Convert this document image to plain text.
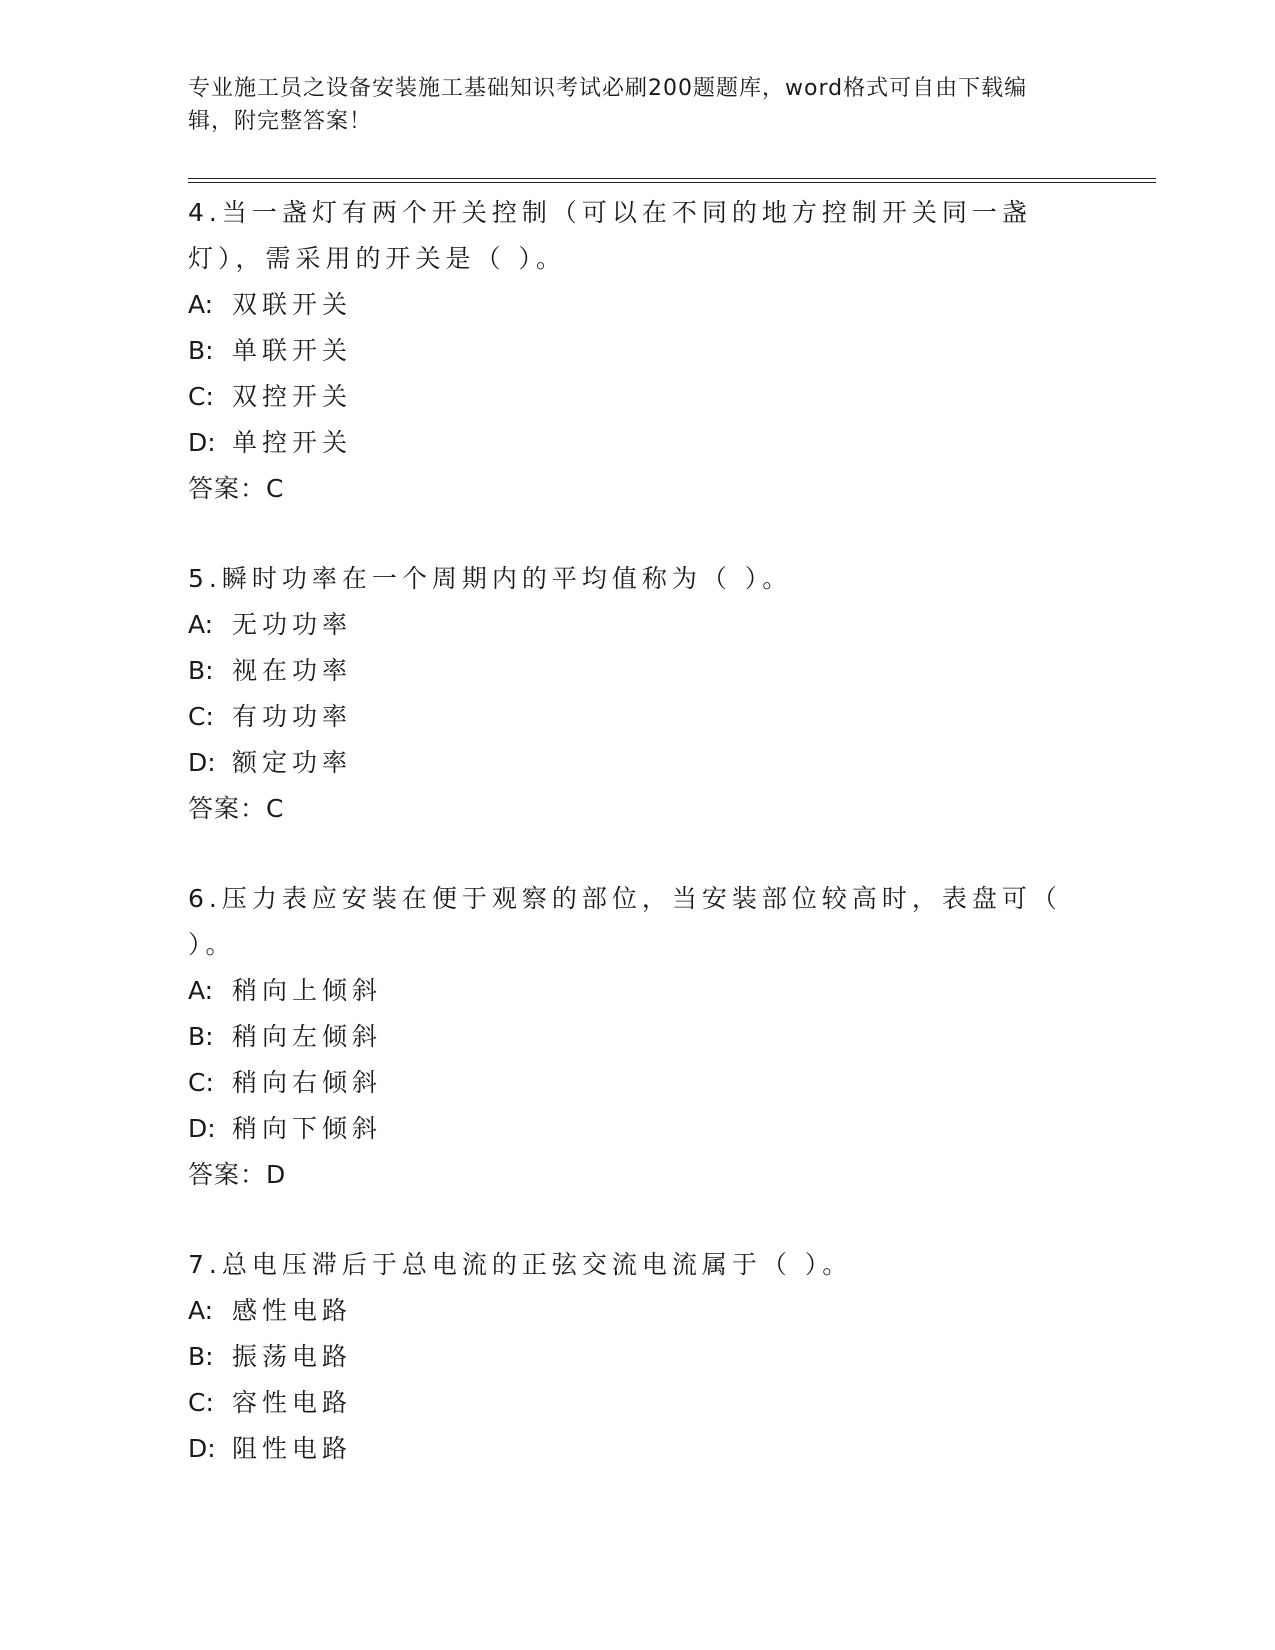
专业施工员之设备安装施工基础知识考试必刷200题题库，word格式可自由下载编辑，附完整答案！

4.当一盏灯有两个开关控制（可以在不同的地方控制开关同一盏灯），需采用的开关是（ ）。

A: 双联开关

B: 单联开关

C: 双控开关

D: 单控开关

答案：C

5.瞬时功率在一个周期内的平均值称为（ ）。

A: 无功功率

B: 视在功率

C: 有功功率

D: 额定功率

答案：C

6.压力表应安装在便于观察的部位，当安装部位较高时，表盘可（ ）。

A: 稍向上倾斜

B: 稍向左倾斜

C: 稍向右倾斜

D: 稍向下倾斜

答案：D

7.总电压滞后于总电流的正弦交流电流属于（ ）。

A: 感性电路

B: 振荡电路

C: 容性电路

D: 阻性电路
